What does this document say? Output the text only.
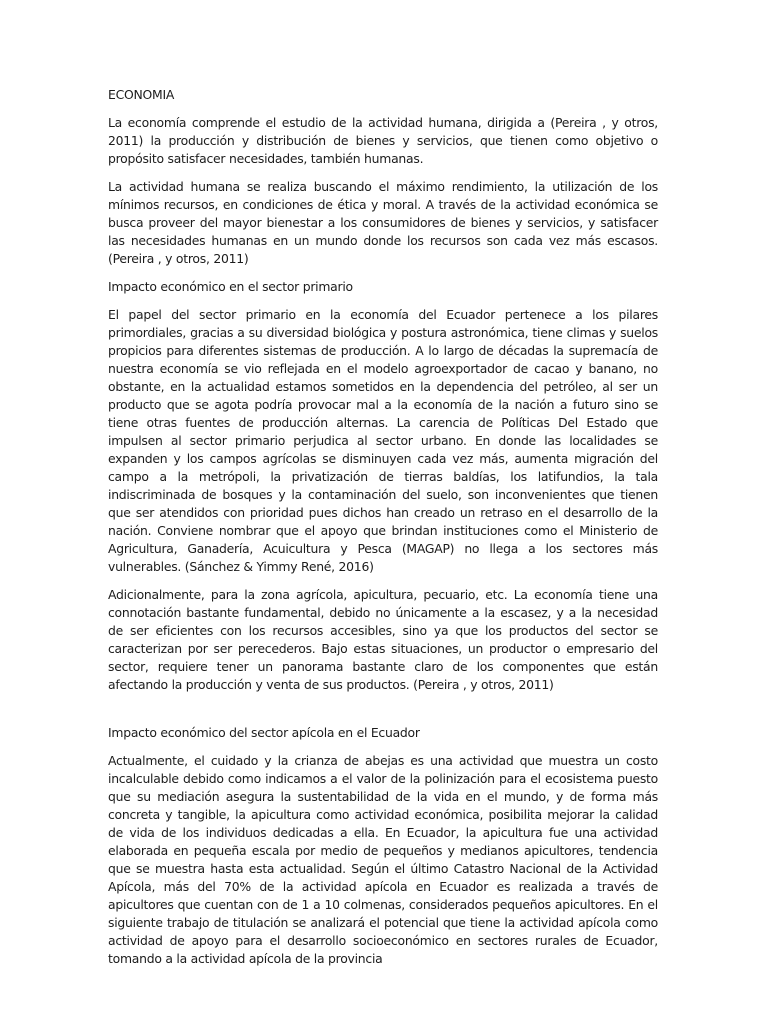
ECONOMIA
La economía comprende el estudio de la actividad humana, dirigida a (Pereira , y otros, 2011) la producción y distribución de bienes y servicios, que tienen como objetivo o propósito satisfacer necesidades, también humanas.
La actividad humana se realiza buscando el máximo rendimiento, la utilización de los mínimos recursos, en condiciones de ética y moral. A través de la actividad económica se busca proveer del mayor bienestar a los consumidores de bienes y servicios, y satisfacer las necesidades humanas en un mundo donde los recursos son cada vez más escasos. (Pereira , y otros, 2011)
Impacto económico en el sector primario
El papel del sector primario en la economía del Ecuador pertenece a los pilares primordiales, gracias a su diversidad biológica y postura astronómica, tiene climas y suelos propicios para diferentes sistemas de producción. A lo largo de décadas la supremacía de nuestra economía se vio reflejada en el modelo agroexportador de cacao y banano, no obstante, en la actualidad estamos sometidos en la dependencia del petróleo, al ser un producto que se agota podría provocar mal a la economía de la nación a futuro sino se tiene otras fuentes de producción alternas. La carencia de Políticas Del Estado que impulsen al sector primario perjudica al sector urbano. En donde las localidades se expanden y los campos agrícolas se disminuyen cada vez más, aumenta migración del campo a la metrópoli, la privatización de tierras baldías, los latifundios, la tala indiscriminada de bosques y la contaminación del suelo, son inconvenientes que tienen que ser atendidos con prioridad pues dichos han creado un retraso en el desarrollo de la nación. Conviene nombrar que el apoyo que brindan instituciones como el Ministerio de Agricultura, Ganadería, Acuicultura y Pesca (MAGAP) no llega a los sectores más vulnerables. (Sánchez & Yimmy René, 2016)
Adicionalmente, para la zona agrícola, apicultura, pecuario, etc. La economía tiene una connotación bastante fundamental, debido no únicamente a la escasez, y a la necesidad de ser eficientes con los recursos accesibles, sino ya que los productos del sector se caracterizan por ser perecederos. Bajo estas situaciones, un productor o empresario del sector, requiere tener un panorama bastante claro de los componentes que están afectando la producción y venta de sus productos. (Pereira , y otros, 2011)
Impacto económico del sector apícola en el Ecuador
Actualmente, el cuidado y la crianza de abejas es una actividad que muestra un costo incalculable debido como indicamos a el valor de la polinización para el ecosistema puesto que su mediación asegura la sustentabilidad de la vida en el mundo, y de forma más concreta y tangible, la apicultura como actividad económica, posibilita mejorar la calidad de vida de los individuos dedicadas a ella. En Ecuador, la apicultura fue una actividad elaborada en pequeña escala por medio de pequeños y medianos apicultores, tendencia que se muestra hasta esta actualidad. Según el último Catastro Nacional de la Actividad Apícola, más del 70% de la actividad apícola en Ecuador es realizada a través de apicultores que cuentan con de 1 a 10 colmenas, considerados pequeños apicultores. En el siguiente trabajo de titulación se analizará el potencial que tiene la actividad apícola como actividad de apoyo para el desarrollo socioeconómico en sectores rurales de Ecuador, tomando a la actividad apícola de la provincia
